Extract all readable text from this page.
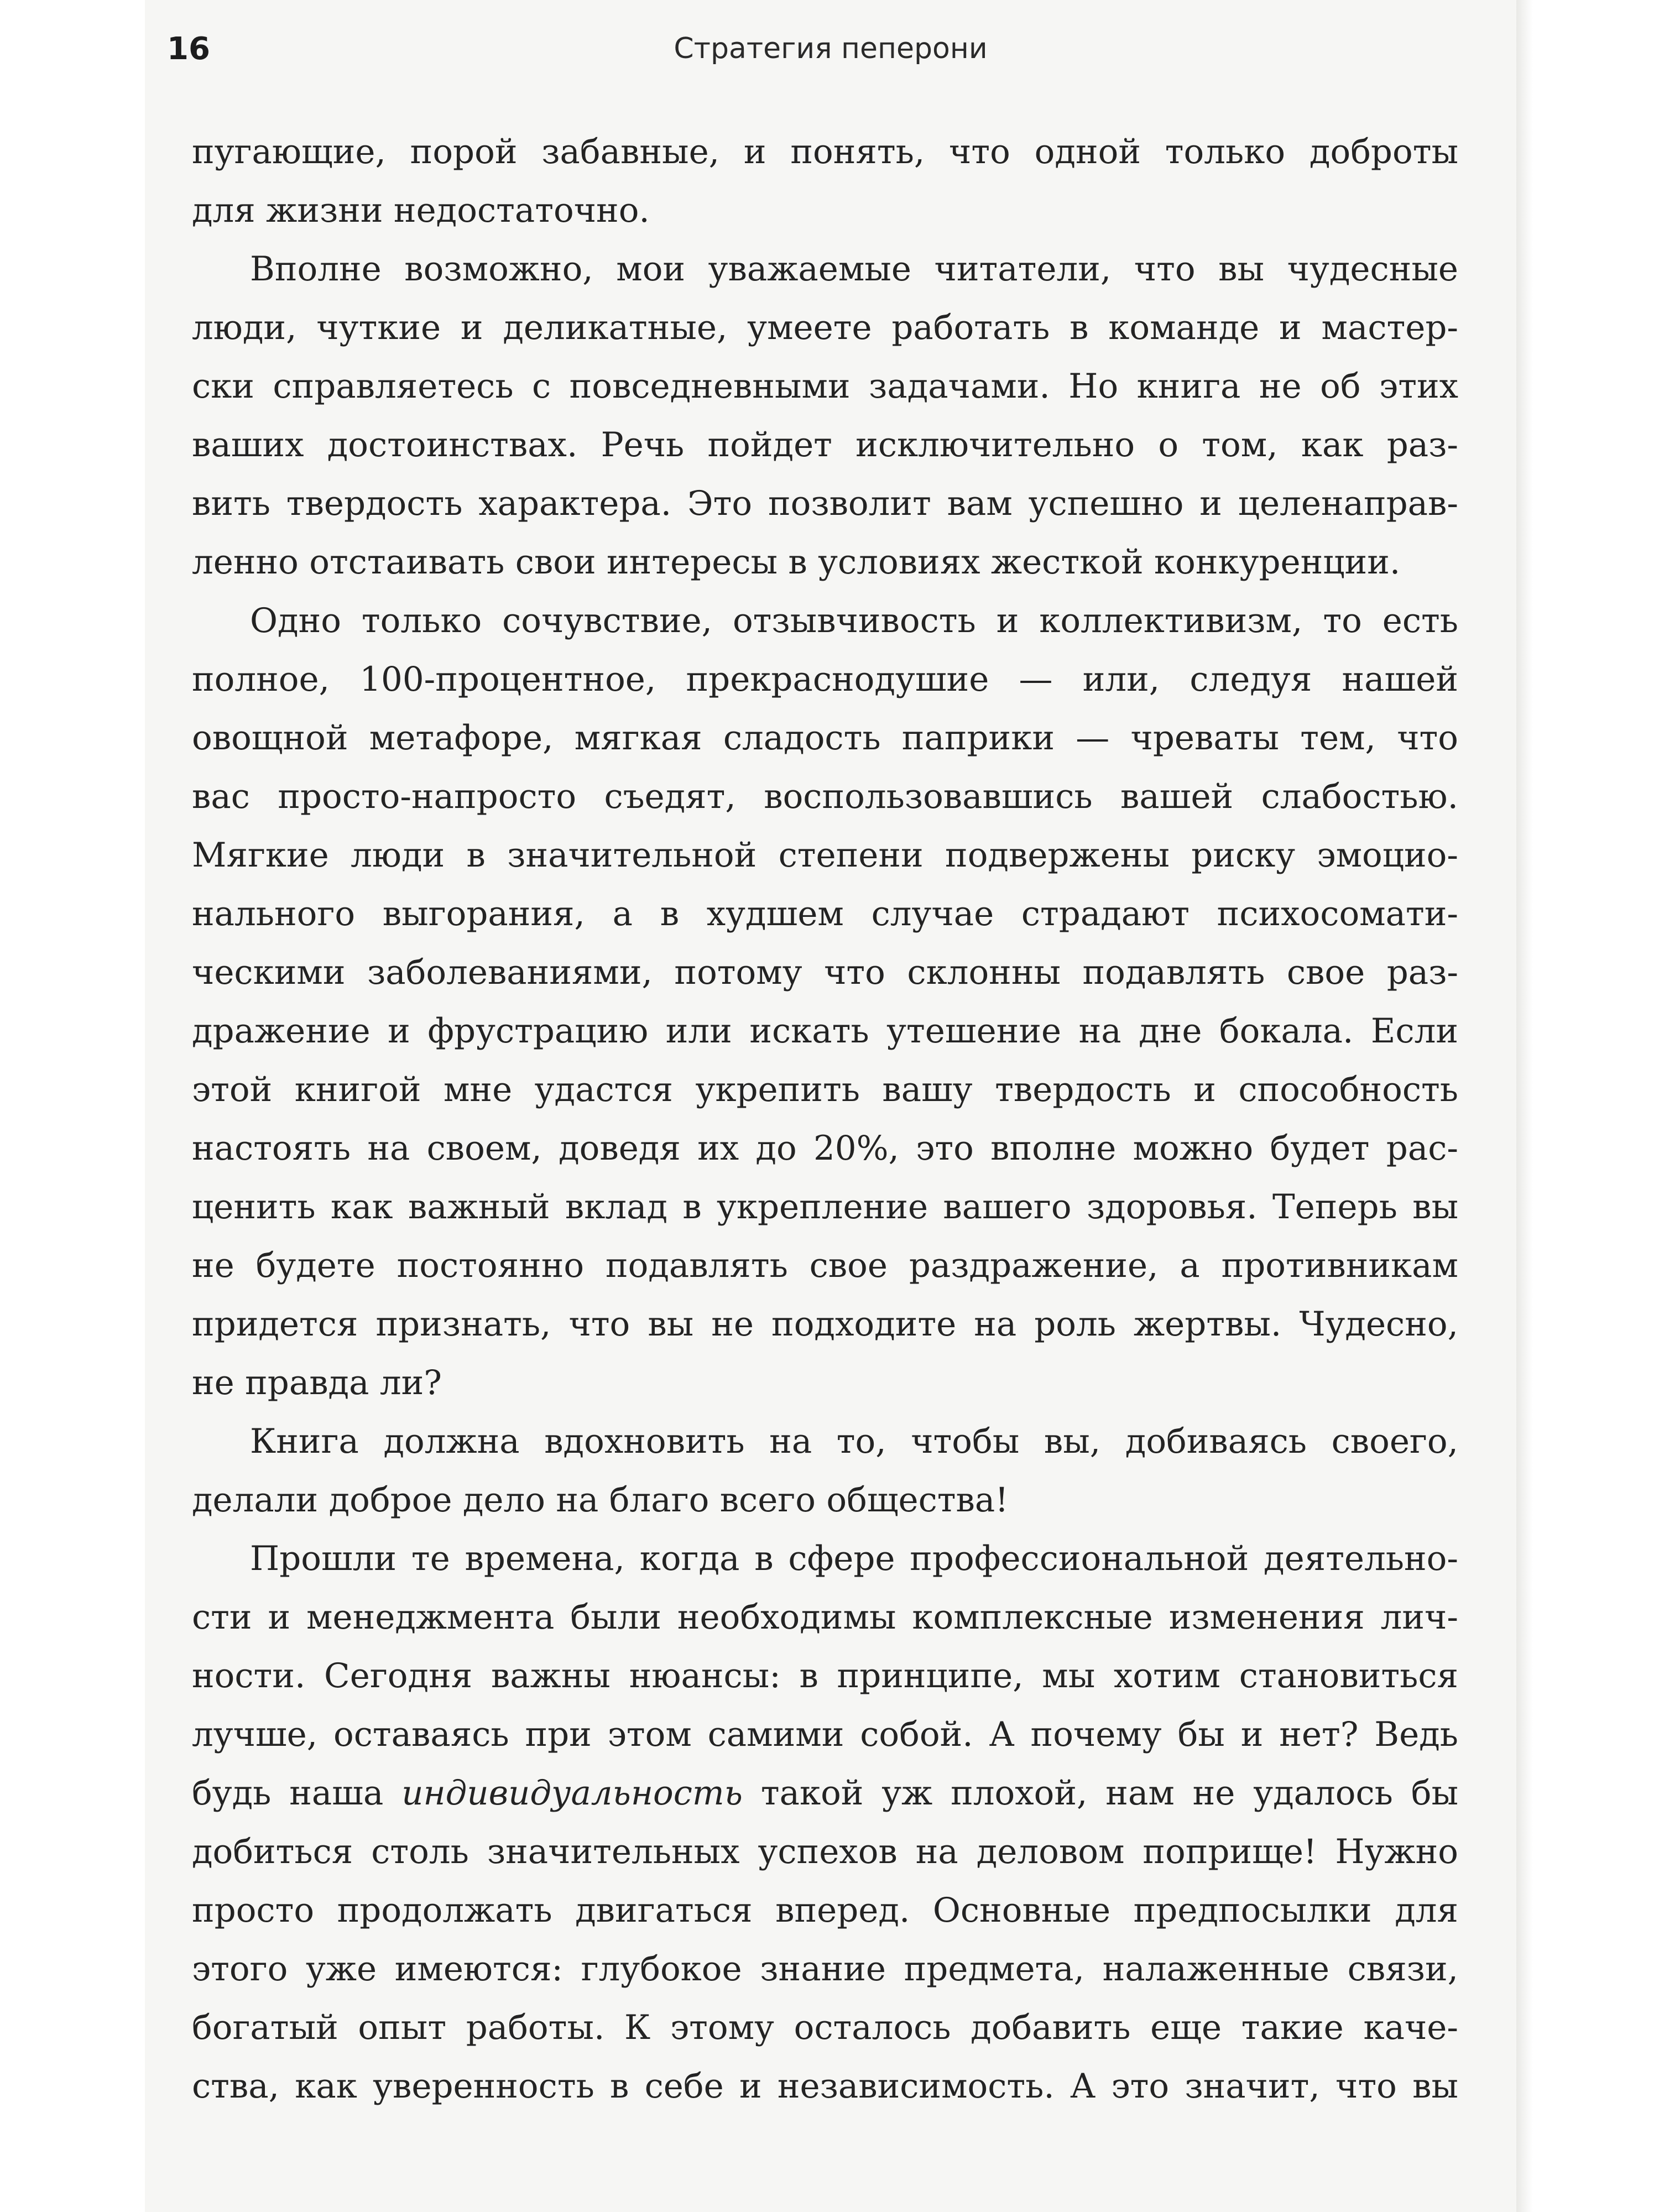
16	Стратегия пеперони

пугающие, порой забавные, и понять, что одной только доброты

для жизни недостаточно.

Вполне возможно, мои уважаемые читатели, что вы чудесные

люди, чуткие и деликатные, умеете работать в команде и мастер-

ски справляетесь с повседневными задачами. Но книга не об этих

ваших достоинствах. Речь пойдет исключительно о том, как раз-

вить твердость характера. Это позволит вам успешно и целенаправ-

ленно отстаивать свои интересы в условиях жесткой конкуренции.

Одно только сочувствие, отзывчивость и коллективизм, то есть

полное, 100-процентное, прекраснодушие — или, следуя нашей

овощной метафоре, мягкая сладость паприки — чреваты тем, что

вас просто-напросто съедят, воспользовавшись вашей слабостью.

Мягкие люди в значительной степени подвержены риску эмоцио-

нального выгорания, а в худшем случае страдают психосомати-

ческими заболеваниями, потому что склонны подавлять свое раз-

дражение и фрустрацию или искать утешение на дне бокала. Если

этой книгой мне удастся укрепить вашу твердость и способность

настоять на своем, доведя их до 20%, это вполне можно будет рас-

ценить как важный вклад в укрепление вашего здоровья. Теперь вы

не будете постоянно подавлять свое раздражение, а противникам

придется признать, что вы не подходите на роль жертвы. Чудесно,

не правда ли?

Книга должна вдохновить на то, чтобы вы, добиваясь своего,

делали доброе дело на благо всего общества!

Прошли те времена, когда в сфере профессиональной деятельно-

сти и менеджмента были необходимы комплексные изменения лич-

ности. Сегодня важны нюансы: в принципе, мы хотим становиться

лучше, оставаясь при этом самими собой. А почему бы и нет? Ведь

будь наша индивидуальность такой уж плохой, нам не удалось бы

добиться столь значительных успехов на деловом поприще! Нужно

просто продолжать двигаться вперед. Основные предпосылки для

этого уже имеются: глубокое знание предмета, налаженные связи,

богатый опыт работы. К этому осталось добавить еще такие каче-

ства, как уверенность в себе и независимость. А это значит, что вы
